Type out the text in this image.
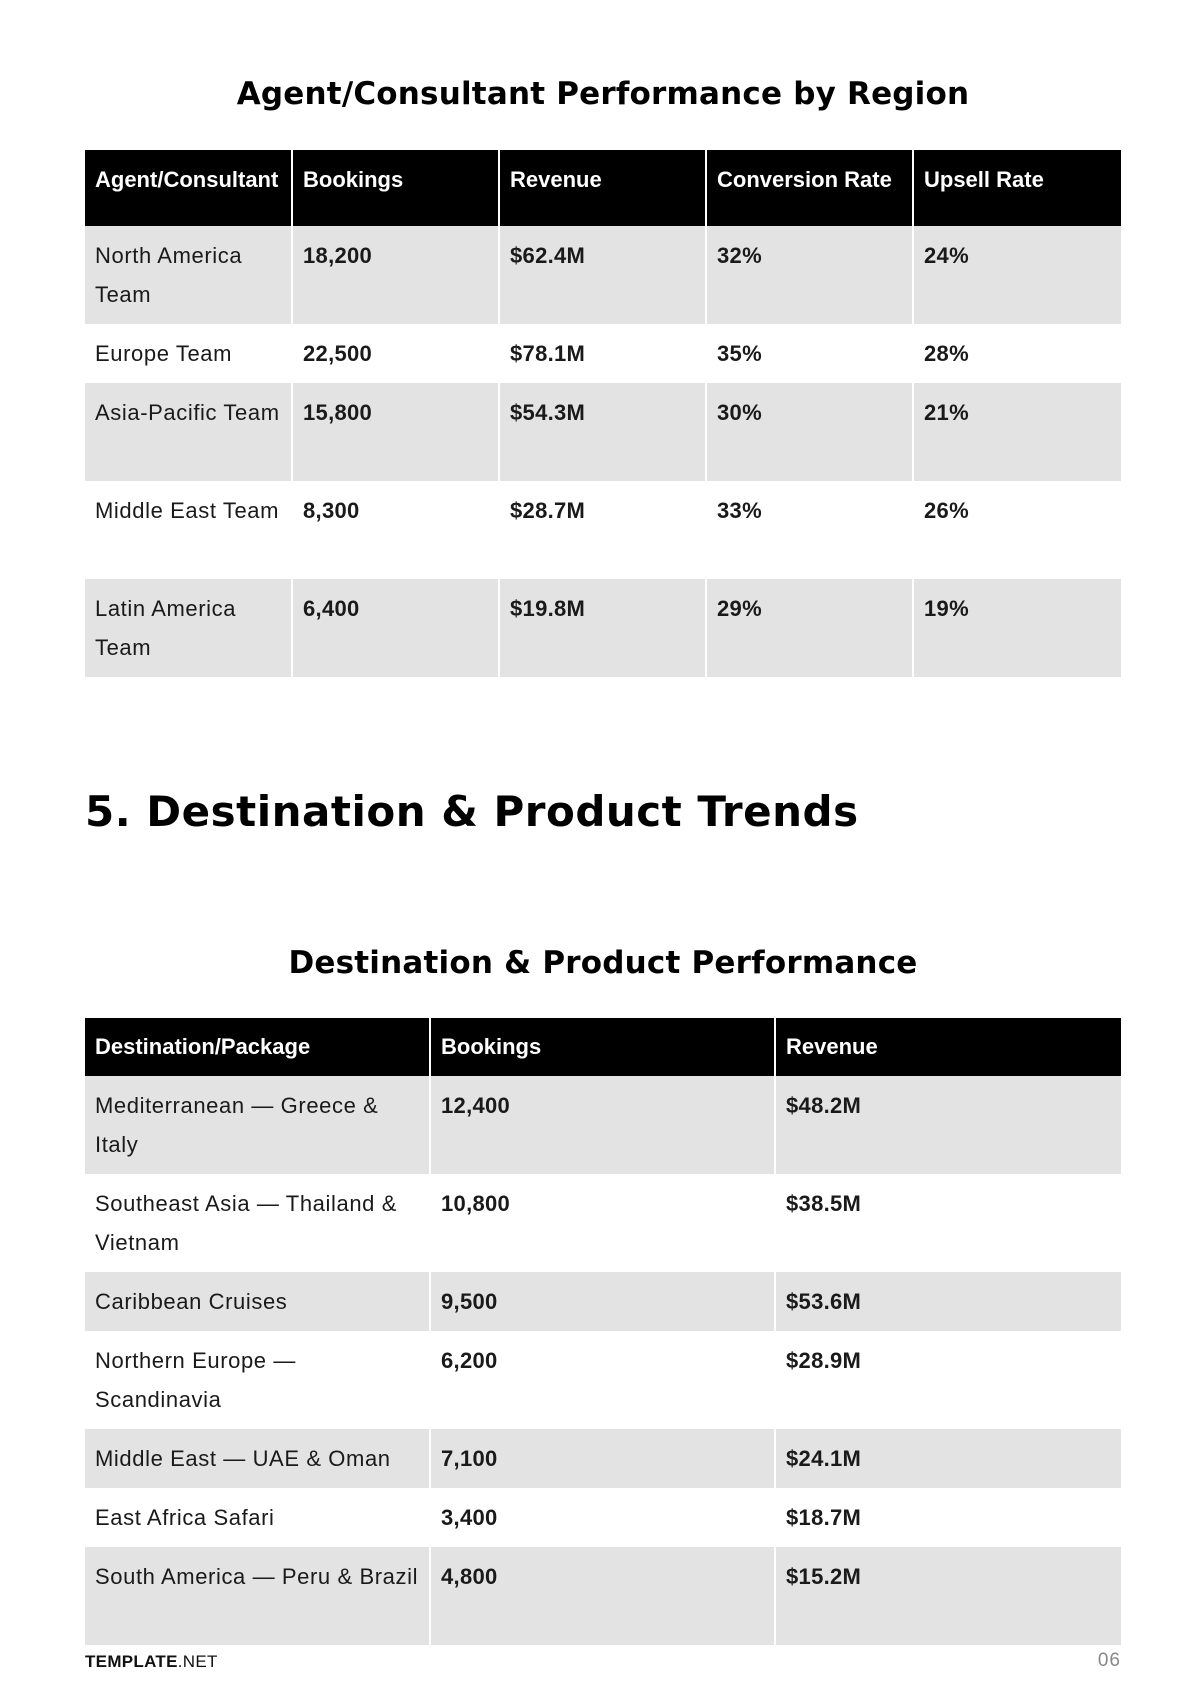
Agent/Consultant Performance by Region
Agent/Consultant	Bookings	Revenue	Conversion Rate	Upsell Rate
North America Team	18,200	$62.4M	32%	24%
Europe Team	22,500	$78.1M	35%	28%
Asia-Pacific Team	15,800	$54.3M	30%	21%
Middle East Team	8,300	$28.7M	33%	26%
Latin America Team	6,400	$19.8M	29%	19%
5. Destination & Product Trends
Destination & Product Performance
Destination/Package	Bookings	Revenue
Mediterranean — Greece & Italy	12,400	$48.2M
Southeast Asia — Thailand & Vietnam	10,800	$38.5M
Caribbean Cruises	9,500	$53.6M
Northern Europe — Scandinavia	6,200	$28.9M
Middle East — UAE & Oman	7,100	$24.1M
East Africa Safari	3,400	$18.7M
South America — Peru & Brazil	4,800	$15.2M
TEMPLATE.NET	06
